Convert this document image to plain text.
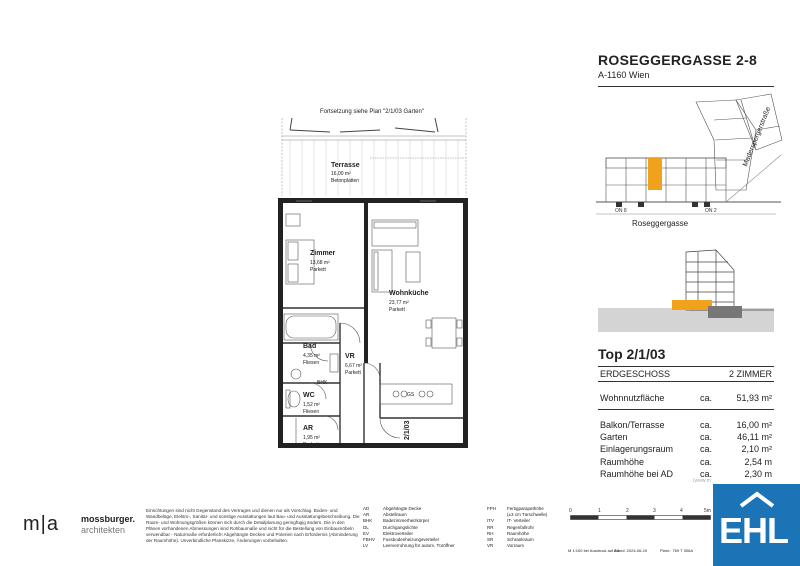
ROSEGGERGASSE 2-8
A-1160 Wien
ON 8	ON 2
Roseggergasse
Maderspergerstraße
Top 2/1/03
ERDGESCHOSS	2 ZIMMER
Wohnnutzfläche	ca.	51,93 m²
Balkon/Terrasse	ca.	16,00 m²
Garten	ca.	46,11 m²
Einlagerungsraum	ca.	2,10 m²
Raumhöhe	ca.	2,54 m
Raumhöhe bei AD	ca.	2,30 m
(www.m
Fortsetzung siehe Plan "2/1/03 Garten"
Terrasse
16,00 m²
Betonplatten
Zimmer
13,68 m²
Parkett
Wohnküche
23,77 m²
Parkett
Bad
4,35 m²
Fliesen
VR
6,67 m²
Parkett
WC
1,52 m²
Fliesen
AR
1,95 m²
Parkett
BHK
GS
2/1/03
m|a mossburger.
architekten
Einrichtungen sind nicht Gegenstand des Vertrages und dienen nur als Vorschlag. Boden- und Wandbeläge, Elektro-, Sanitär- und sonstige Ausstattungen laut Bau- und Ausstattungsbeschreibung. Die Raum- und Wohnungsgrößen können sich durch die Detailplanung geringfügig ändern. Die in den Plänen vorhandenen Abmessungen sind Rohbaumaße und nicht für die Bestellung von Einbaumöbeln verwendbar - Naturmaße erforderlich! Abgehängte Decken und Poterien nach Erfordernis (Abminderung der Raumhöhe). Unverbindliche Planskizze, Änderungen vorbehalten.
AD	Abgehängte Decke
AR	Abstellraum
BHK	Badezimmerheizkörper
DL	Durchgangslichte
EV	Elektroverteiler
FBHV	Fussbodenheizungsverteiler
LV	Leerverrohrung für autom. Türöffner
FPH	Fertigparapethöhe
(±3 cm Türschwelle)
ITV	IT- Verteiler
RR	Regenfallrohr
RH	Raumhöhe
SR	Schrankraum
VR	Vorraum
0	1	2	3	4	5m
M 1:100 bei Ausdruck auf A4
Stand: 2024-06-19	Planr.: 769 T 306A EHL
